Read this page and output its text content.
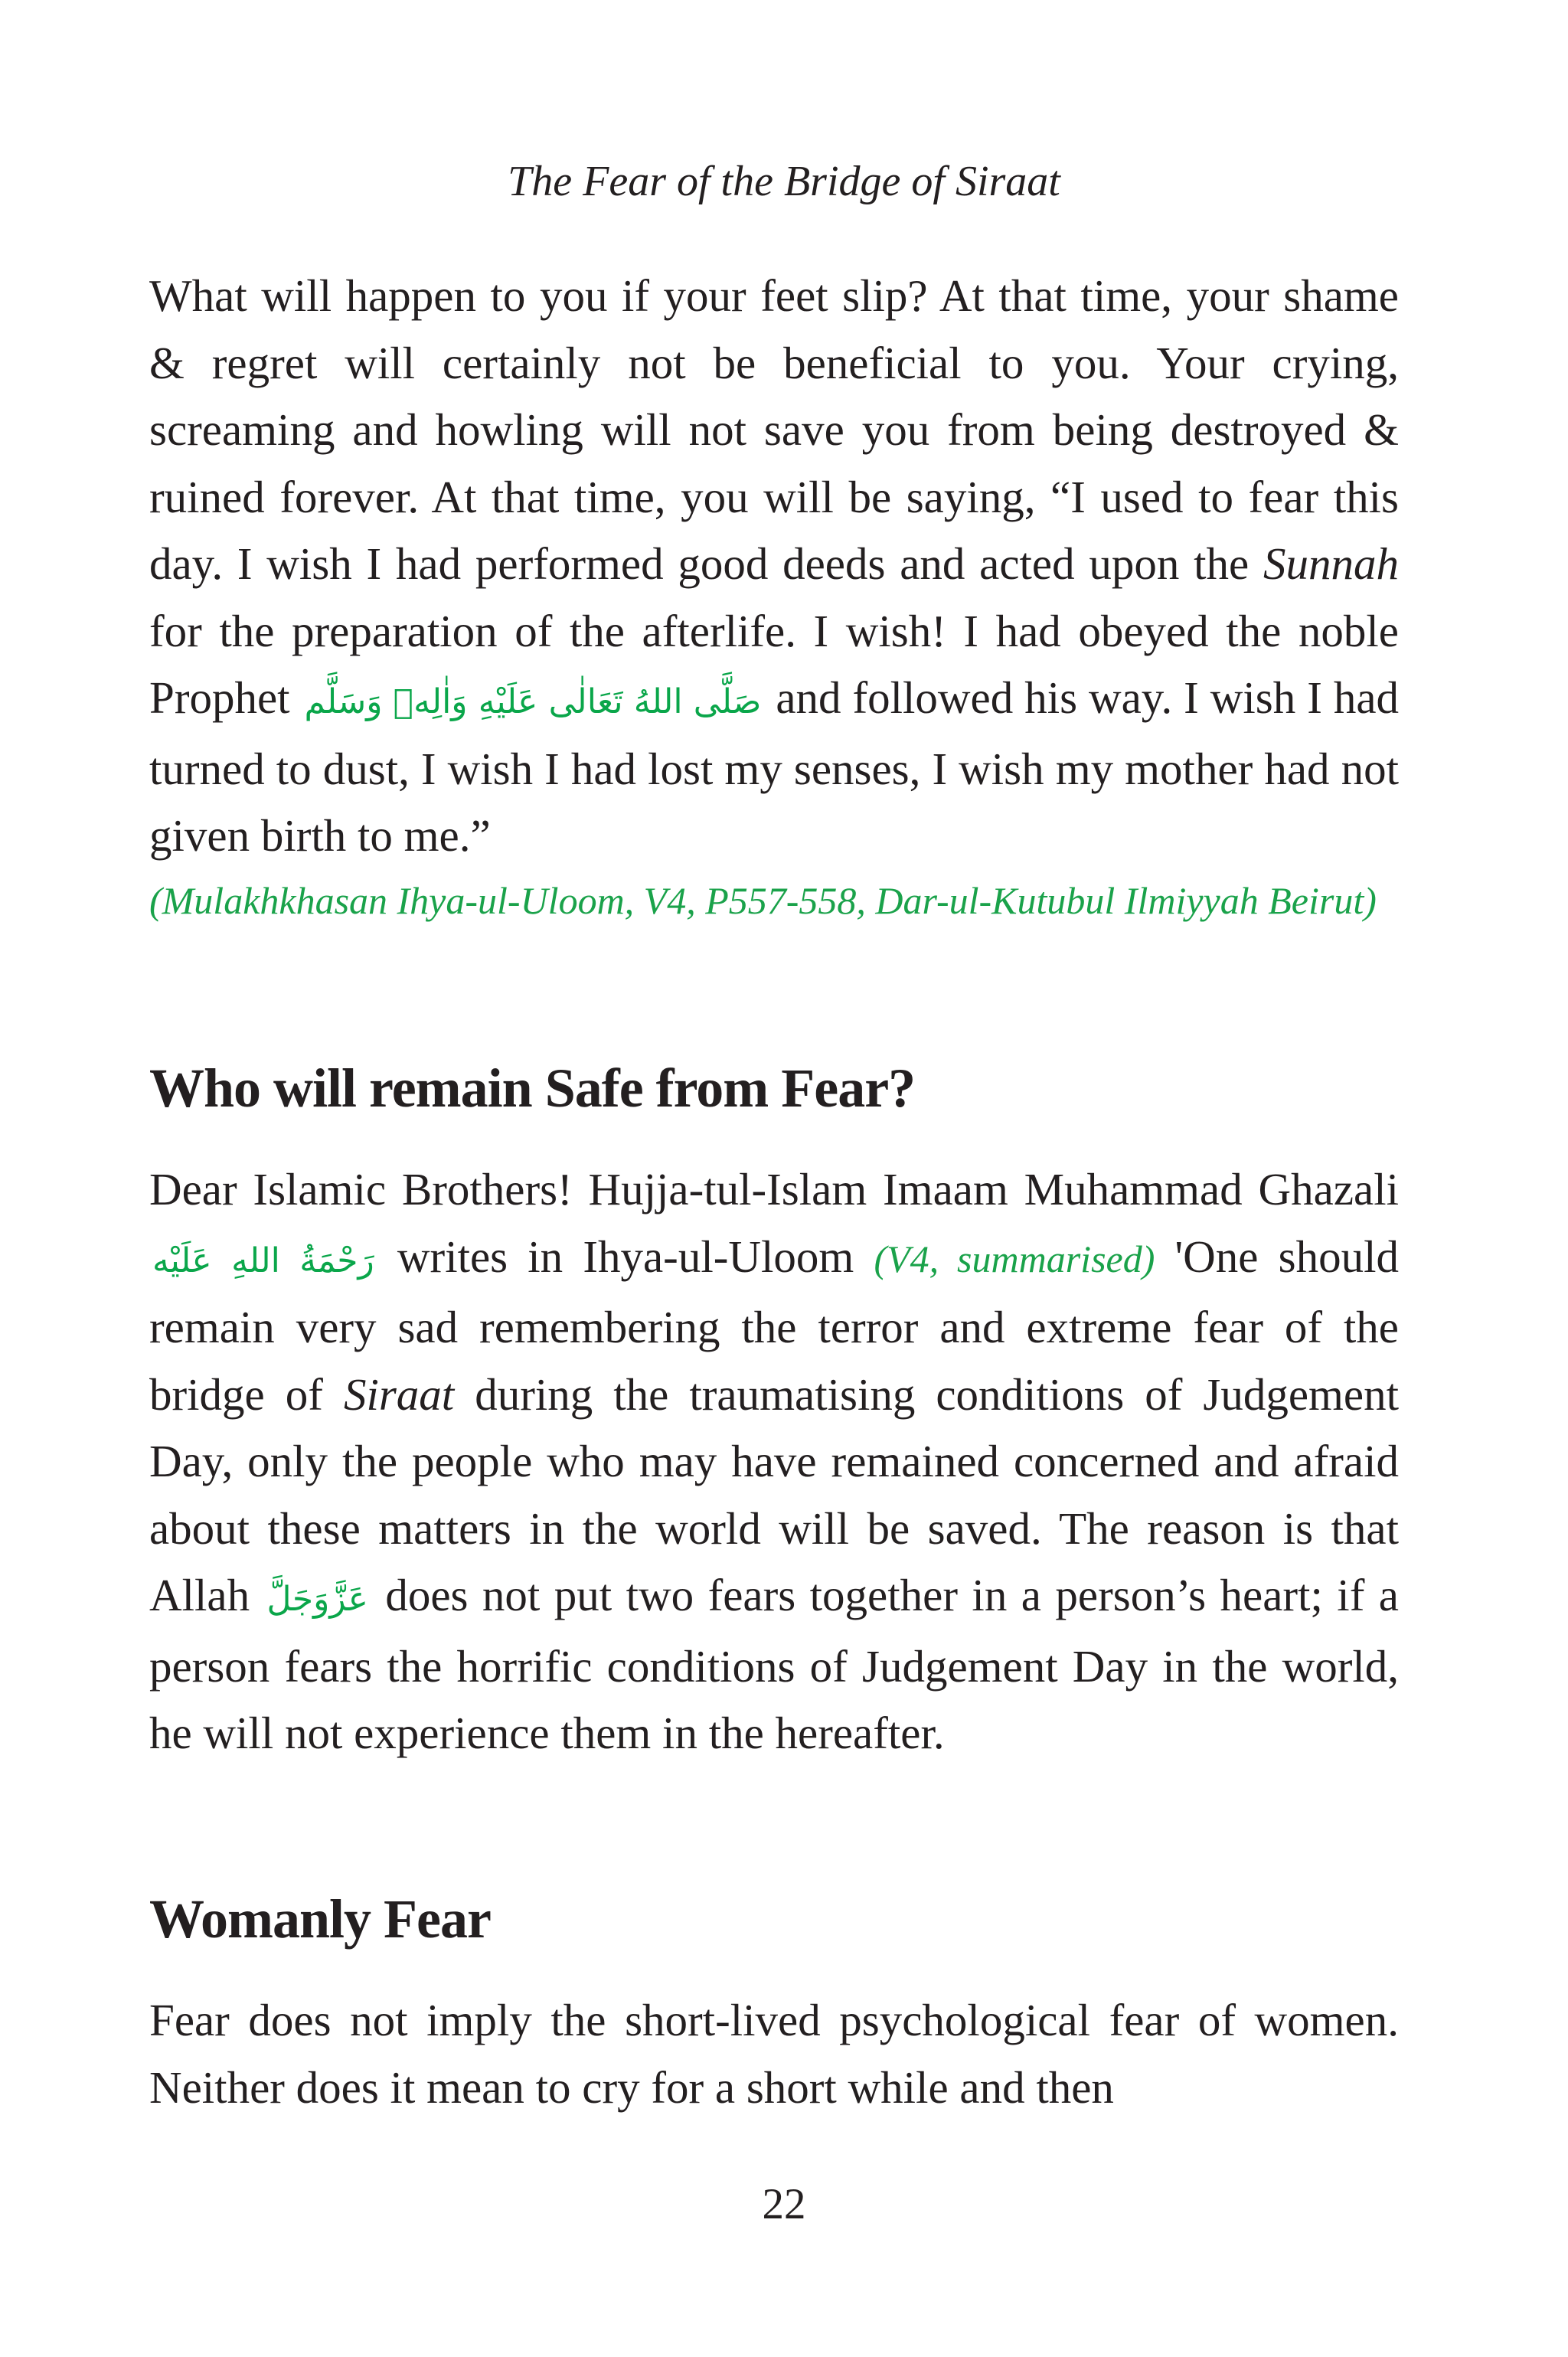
The Fear of the Bridge of Siraat

What will happen to you if your feet slip? At that time, your shame & regret will certainly not be beneficial to you. Your crying, screaming and howling will not save you from being destroyed & ruined forever. At that time, you will be saying, “I used to fear this day. I wish I had performed good deeds and acted upon the Sunnah for the preparation of the afterlife. I wish! I had obeyed the noble Prophet صَلَّى اللهُ تَعَالٰى عَلَيْهِ وَاٰلِهٖ وَسَلَّم and followed his way. I wish I had turned to dust, I wish I had lost my senses, I wish my mother had not given birth to me.”

(Mulakhkhasan Ihya-ul-Uloom, V4, P557-558, Dar-ul-Kutubul Ilmiyyah Beirut)

Who will remain Safe from Fear?

Dear Islamic Brothers! Hujja-tul-Islam Imaam Muhammad Ghazali رَحْمَةُ اللهِ عَلَيْه writes in Ihya-ul-Uloom (V4, summarised) 'One should remain very sad remembering the terror and extreme fear of the bridge of Siraat during the traumatising conditions of Judgement Day, only the people who may have remained concerned and afraid about these matters in the world will be saved. The reason is that Allah عَزَّوَجَلَّ does not put two fears together in a person’s heart; if a person fears the horrific conditions of Judgement Day in the world, he will not experience them in the hereafter.

Womanly Fear

Fear does not imply the short-lived psychological fear of women. Neither does it mean to cry for a short while and then

22
